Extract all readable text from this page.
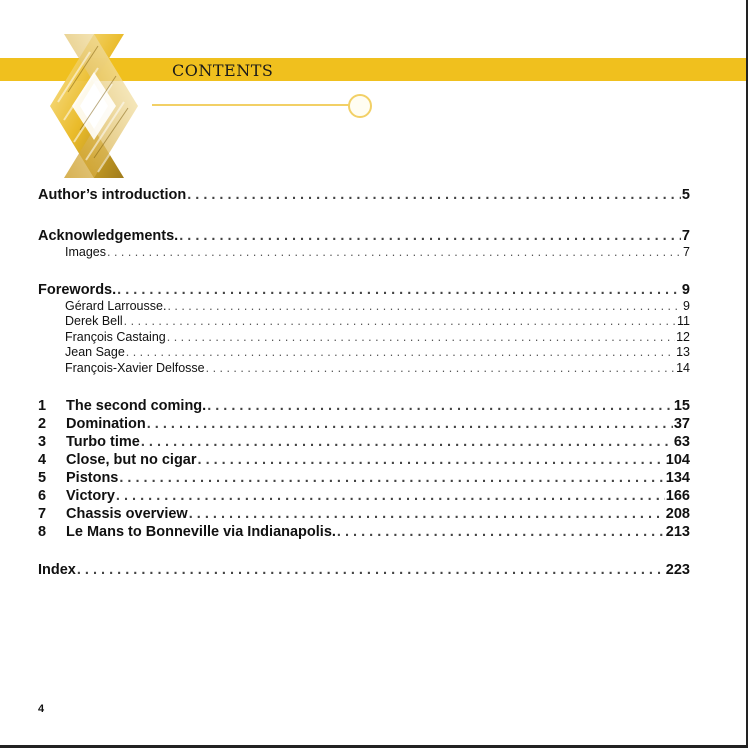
CONTENTS
Author’s introduction . . .	5
Acknowledgements. . . .	7
Images . . .	7
Forewords. . . .	9
Gérard Larrousse. . . .	9
Derek Bell . . .	11
François Castaing . . .	12
Jean Sage . . .	13
François-Xavier Delfosse . . .	14
1	The second coming. . . .	15
2	Domination . . .	37
3	Turbo time . . .	63
4	Close, but no cigar . . .	104
5	Pistons . . .	134
6	Victory . . .	166
7	Chassis overview . . .	208
8	Le Mans to Bonneville via Indianapolis. . . .	213
Index . . .	223
4
